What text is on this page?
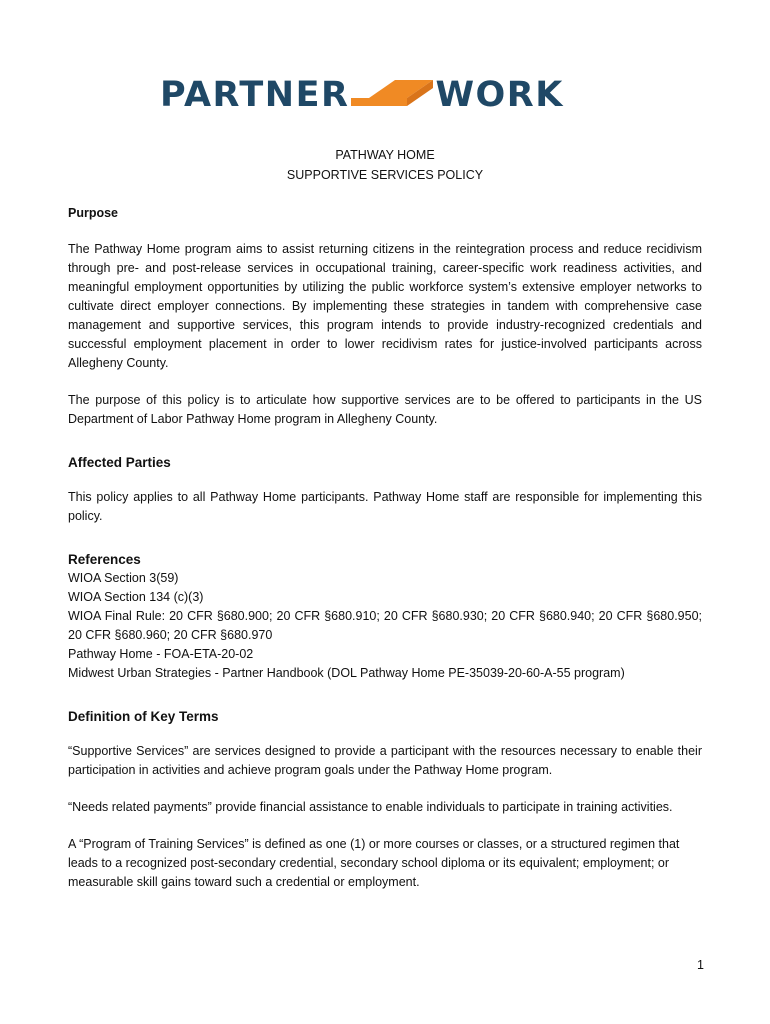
PARTNER WORK
PATHWAY HOME
SUPPORTIVE SERVICES POLICY
Purpose

The Pathway Home program aims to assist returning citizens in the reintegration process and reduce recidivism through pre- and post-release services in occupational training, career-specific work readiness activities, and meaningful employment opportunities by utilizing the public workforce system’s extensive employer networks to cultivate direct employer connections. By implementing these strategies in tandem with comprehensive case management and supportive services, this program intends to provide industry-recognized credentials and successful employment placement in order to lower recidivism rates for justice-involved participants across Allegheny County.

The purpose of this policy is to articulate how supportive services are to be offered to participants in the US Department of Labor Pathway Home program in Allegheny County.

Affected Parties

This policy applies to all Pathway Home participants. Pathway Home staff are responsible for implementing this policy.

References
WIOA Section 3(59)
WIOA Section 134 (c)(3)
WIOA Final Rule: 20 CFR §680.900; 20 CFR §680.910; 20 CFR §680.930; 20 CFR §680.940; 20 CFR §680.950; 20 CFR §680.960; 20 CFR §680.970
Pathway Home - FOA-ETA-20-02
Midwest Urban Strategies - Partner Handbook (DOL Pathway Home PE-35039-20-60-A-55 program)
Definition of Key Terms

“Supportive Services” are services designed to provide a participant with the resources necessary to enable their participation in activities and achieve program goals under the Pathway Home program.

“Needs related payments” provide financial assistance to enable individuals to participate in training activities.

A “Program of Training Services” is defined as one (1) or more courses or classes, or a structured regimen that leads to a recognized post-secondary credential, secondary school diploma or its equivalent; employment; or measurable skill gains toward such a credential or employment.

1
